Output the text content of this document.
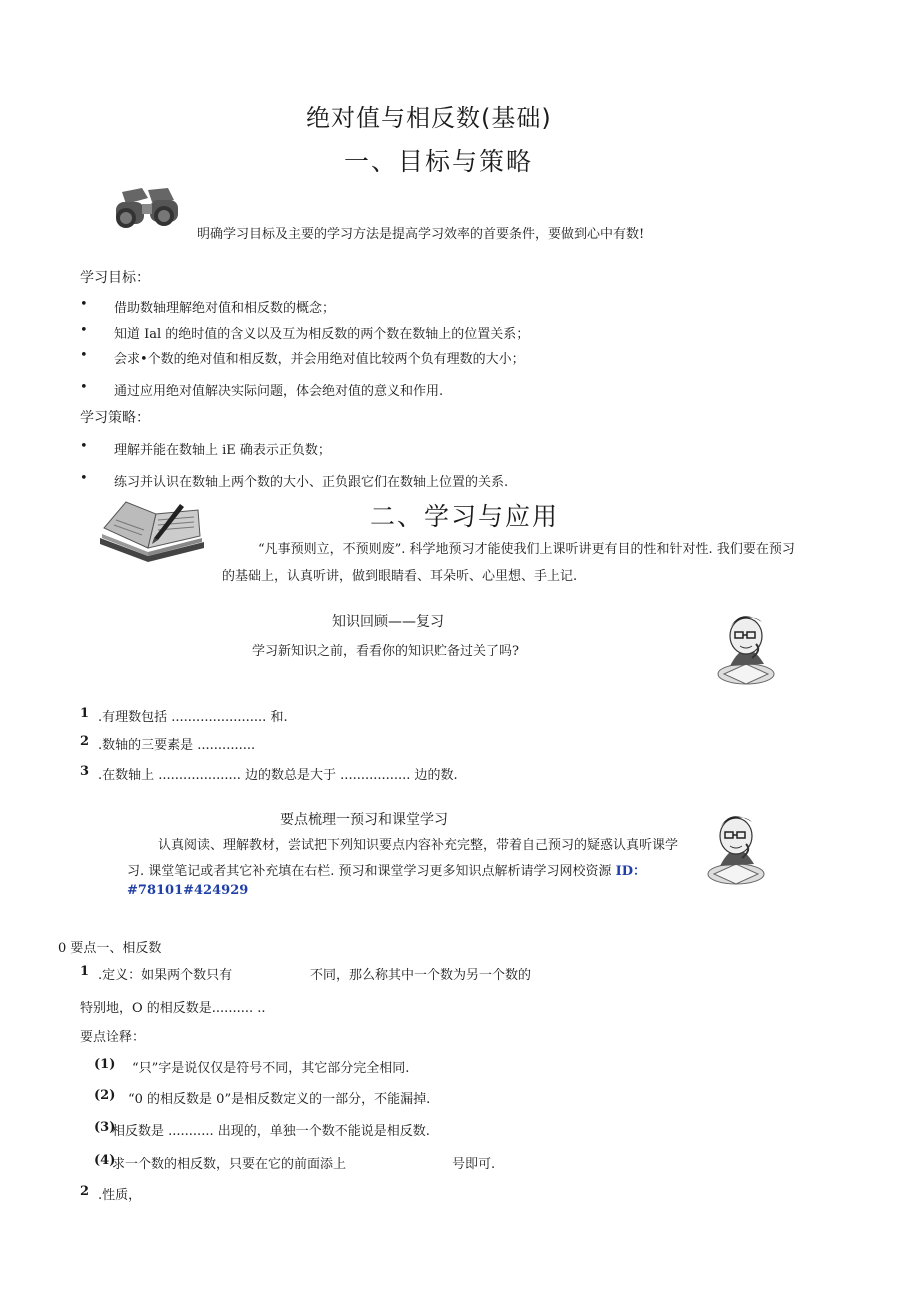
绝对值与相反数(基础)
一、目标与策略
明确学习目标及主要的学习方法是提高学习效率的首要条件，要做到心中有数!
学习目标：
• 借助数轴理解绝对值和相反数的概念；
• 知道 Ial 的绝时值的含义以及互为相反数的两个数在数轴上的位置关系；
• 会求•个数的绝对值和相反数，并会用绝对值比较两个负有理数的大小；
• 通过应用绝对值解决实际问题，体会绝对值的意义和作用.
学习策略：
• 理解并能在数轴上 iE 确表示正负数；
• 练习并认识在数轴上两个数的大小、正负跟它们在数轴上位置的关系.
二、学习与应用
“凡事预则立，不预则废”. 科学地预习才能使我们上课听讲更有目的性和针对性. 我们要在预习
的基础上，认真听讲，做到眼睛看、耳朵听、心里想、手上记.
知识回顾——复习
学习新知识之前，看看你的知识贮备过关了吗?
1 .有理数包括 ....................... 和.
2 .数轴的三要素是 ..............
3 .在数轴上 .................... 边的数总是大于 ................. 边的数.
要点梳理一预习和课堂学习
认真阅读、理解教材，尝试把下列知识要点内容补充完整，带着自己预习的疑惑认真听课学
习. 课堂笔记或者其它补充填在右栏. 预习和课堂学习更多知识点解析请学习网校资源 ID：
#78101#424929
0 要点一、相反数
1 .定义：如果两个数只有	不同，那么称其中一个数为另一个数的
特别地，O 的相反数是.......... ..
要点诠释：
(1) “只”字是说仅仅是符号不同，其它部分完全相同.
(2) “0 的相反数是 0”是相反数定义的一部分，不能漏掉.
(3)
相反数是 ........... 出现的，单独一个数不能说是相反数.
(4)
求一个数的相反数，只要在它的前面添上	号即可.
2 .性质，
